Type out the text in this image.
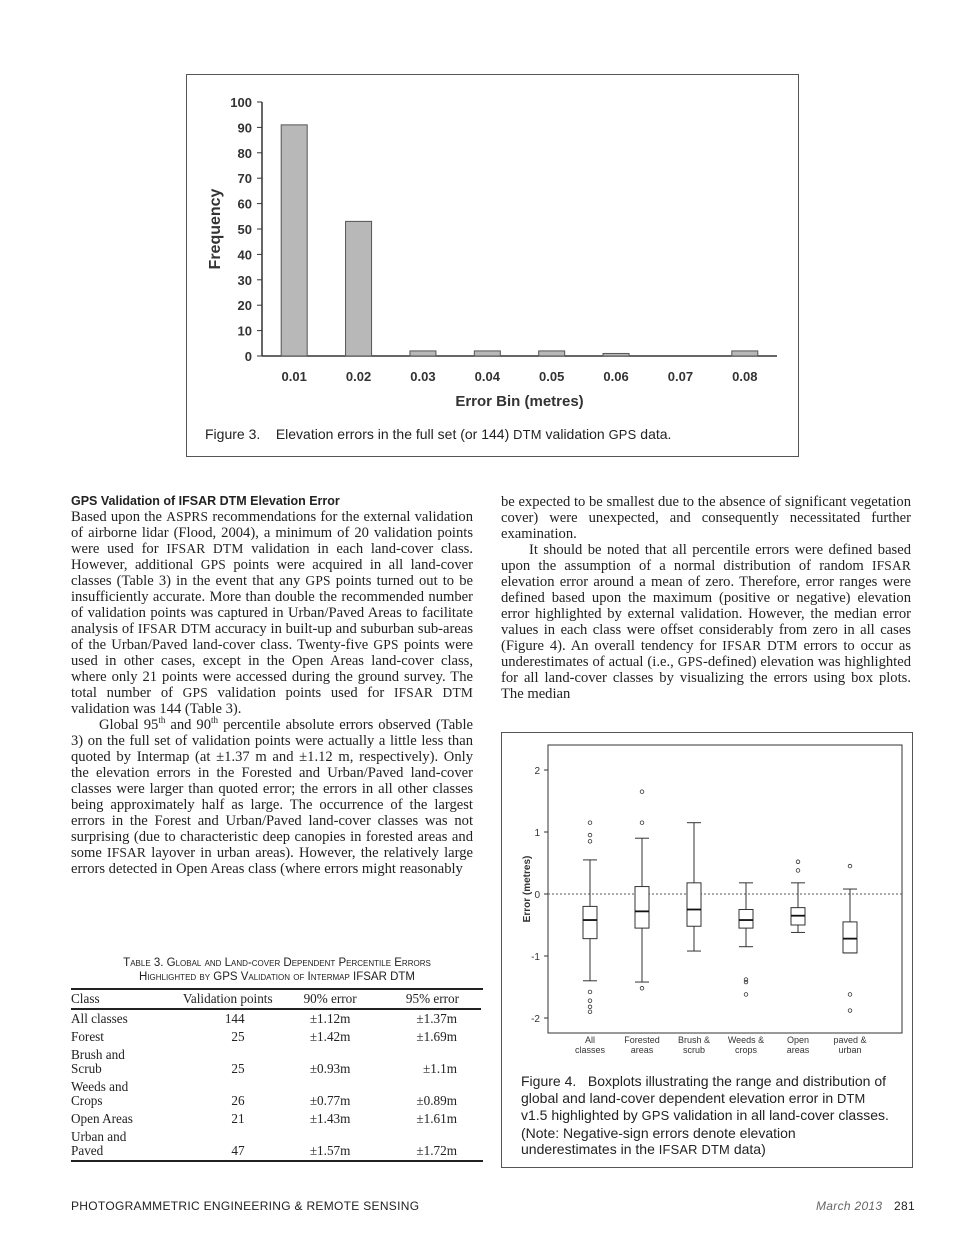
0
10
20
30
40
50
60
70
80
90
100
0.01	0.02	0.03	0.04	0.05	0.06	0.07	0.08
Error Bin (metres)
Frequency
Figure 3. Elevation errors in the full set (or 144) DTM validation GPS data.
GPS Validation of IFSAR DTM Elevation Error

Based upon the ASPRS recommendations for the external validation of airborne lidar (Flood, 2004), a minimum of 20 validation points were used for IFSAR DTM validation in each land-cover class. However, additional GPS points were acquired in all land-cover classes (Table 3) in the event that any GPS points turned out to be insufficiently accurate. More than double the recommended number of validation points was captured in Urban/Paved Areas to facilitate analysis of IFSAR DTM accuracy in built-up and suburban sub-areas of the Urban/Paved land-cover class. Twenty-five GPS points were used in other cases, except in the Open Areas land-cover class, where only 21 points were accessed during the ground survey. The total number of GPS validation points used for IFSAR DTM validation was 144 (Table 3).

Global 95th and 90th percentile absolute errors observed (Table 3) on the full set of validation points were actually a little less than quoted by Intermap (at ±1.37 m and ±1.12 m, respectively). Only the elevation errors in the Forested and Urban/Paved land-cover classes were larger than quoted error; the errors in all other classes being approximately half as large. The occurrence of the largest errors in the Forest and Urban/Paved land-cover classes was not surprising (due to characteristic deep canopies in forested areas and some IFSAR layover in urban areas). However, the relatively large errors detected in Open Areas class (where errors might reasonably

be expected to be smallest due to the absence of significant vegetation cover) were unexpected, and consequently necessitated further examination.

It should be noted that all percentile errors were defined based upon the assumption of a normal distribution of random IFSAR elevation error around a mean of zero. Therefore, error ranges were defined based upon the maximum (positive or negative) elevation error highlighted by external validation. However, the median error values in each class were offset considerably from zero in all cases (Figure 4). An overall tendency for IFSAR DTM errors to occur as underestimates of actual (i.e., GPS-defined) elevation was highlighted for all land-cover classes by visualizing the errors using box plots. The median

Table 3. Global and Land-cover Dependent Percentile Errors
Highlighted by GPS Validation of Intermap IFSAR DTM
Class	Validation points	90% error	95% error
All classes	144	±1.12m	±1.37m
Forest	25	±1.42m	±1.69m
Brush and Scrub	25	±0.93m	±1.1m
Weeds and Crops	26	±0.77m	±0.89m
Open Areas	21	±1.43m	±1.61m
Urban and Paved	47	±1.57m	±1.72m
2
1
0
-1
-2
Error (metres)
All
classes
Forested
areas
Brush &
scrub
Weeds &
crops
Open
areas
paved &
urban
Figure 4. Boxplots illustrating the range and distribution of global and land-cover dependent elevation error in DTM v1.5 highlighted by GPS validation in all land-cover classes. (Note: Negative-sign errors denote elevation underestimates in the IFSAR DTM data)
PHOTOGRAMMETRIC ENGINEERING & REMOTE SENSING	March 2013 281
